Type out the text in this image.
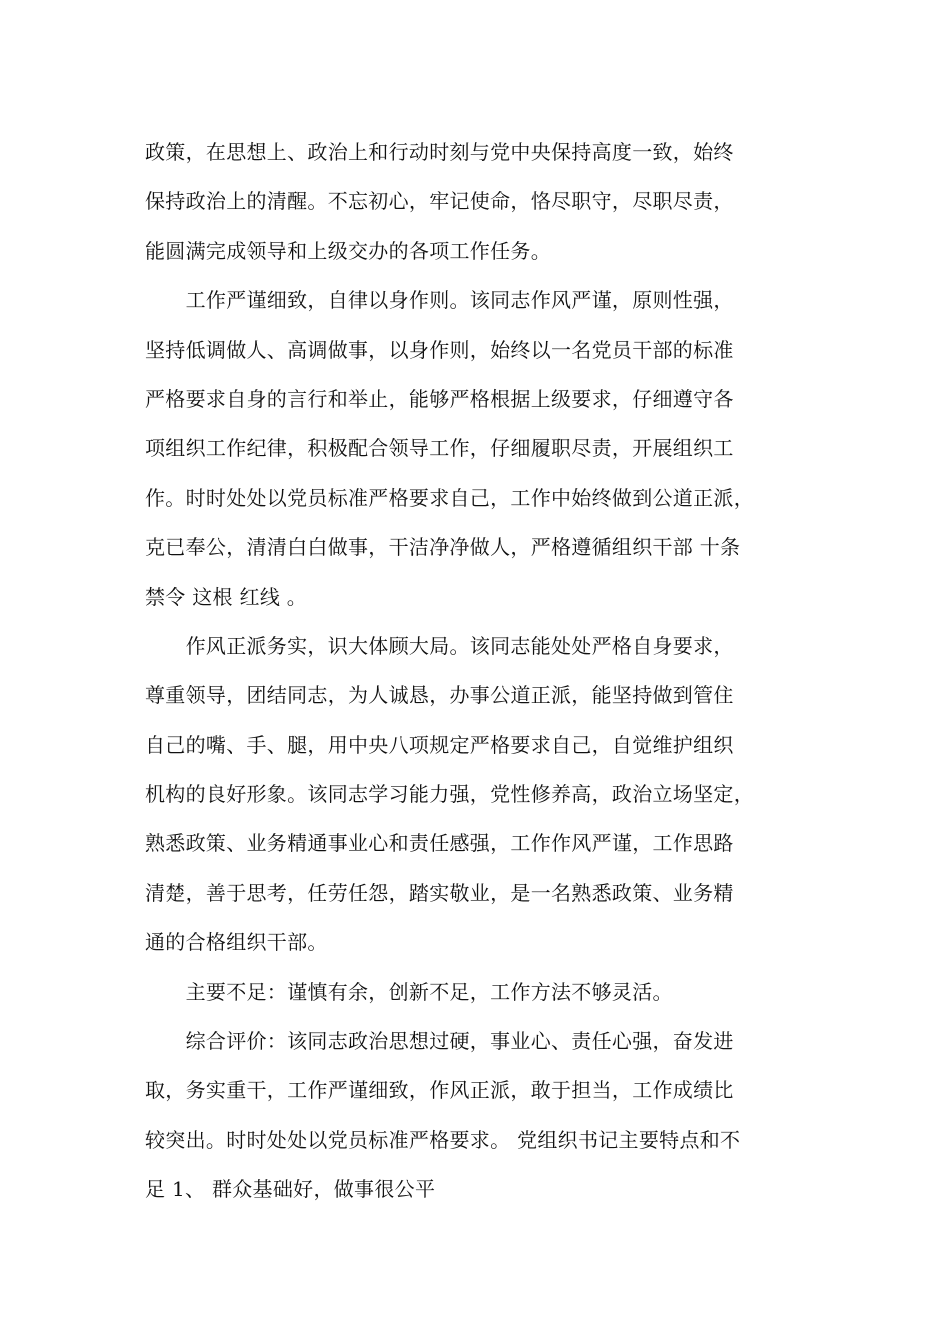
政策，在思想上、政治上和行动时刻与党中央保持高度一致，始终
保持政治上的清醒。不忘初心，牢记使命，恪尽职守，尽职尽责，
能圆满完成领导和上级交办的各项工作任务。
　　工作严谨细致，自律以身作则。该同志作风严谨，原则性强，
坚持低调做人、高调做事，以身作则，始终以一名党员干部的标准
严格要求自身的言行和举止，能够严格根据上级要求，仔细遵守各
项组织工作纪律，积极配合领导工作，仔细履职尽责，开展组织工
作。时时处处以党员标准严格要求自己，工作中始终做到公道正派，
克已奉公，清清白白做事，干洁净净做人，严格遵循组织干部 十条
禁令 这根 红线 。
　　作风正派务实，识大体顾大局。该同志能处处严格自身要求，
尊重领导，团结同志，为人诚恳，办事公道正派，能坚持做到管住
自己的嘴、手、腿，用中央八项规定严格要求自己，自觉维护组织
机构的良好形象。该同志学习能力强，党性修养高，政治立场坚定，
熟悉政策、业务精通事业心和责任感强，工作作风严谨，工作思路
清楚，善于思考，任劳任怨，踏实敬业，是一名熟悉政策、业务精
通的合格组织干部。
　　主要不足：谨慎有余，创新不足，工作方法不够灵活。
　　综合评价：该同志政治思想过硬，事业心、责任心强，奋发进
取，务实重干，工作严谨细致，作风正派，敢于担当，工作成绩比
较突出。时时处处以党员标准严格要求。 党组织书记主要特点和不
足 1、 群众基础好，做事很公平
